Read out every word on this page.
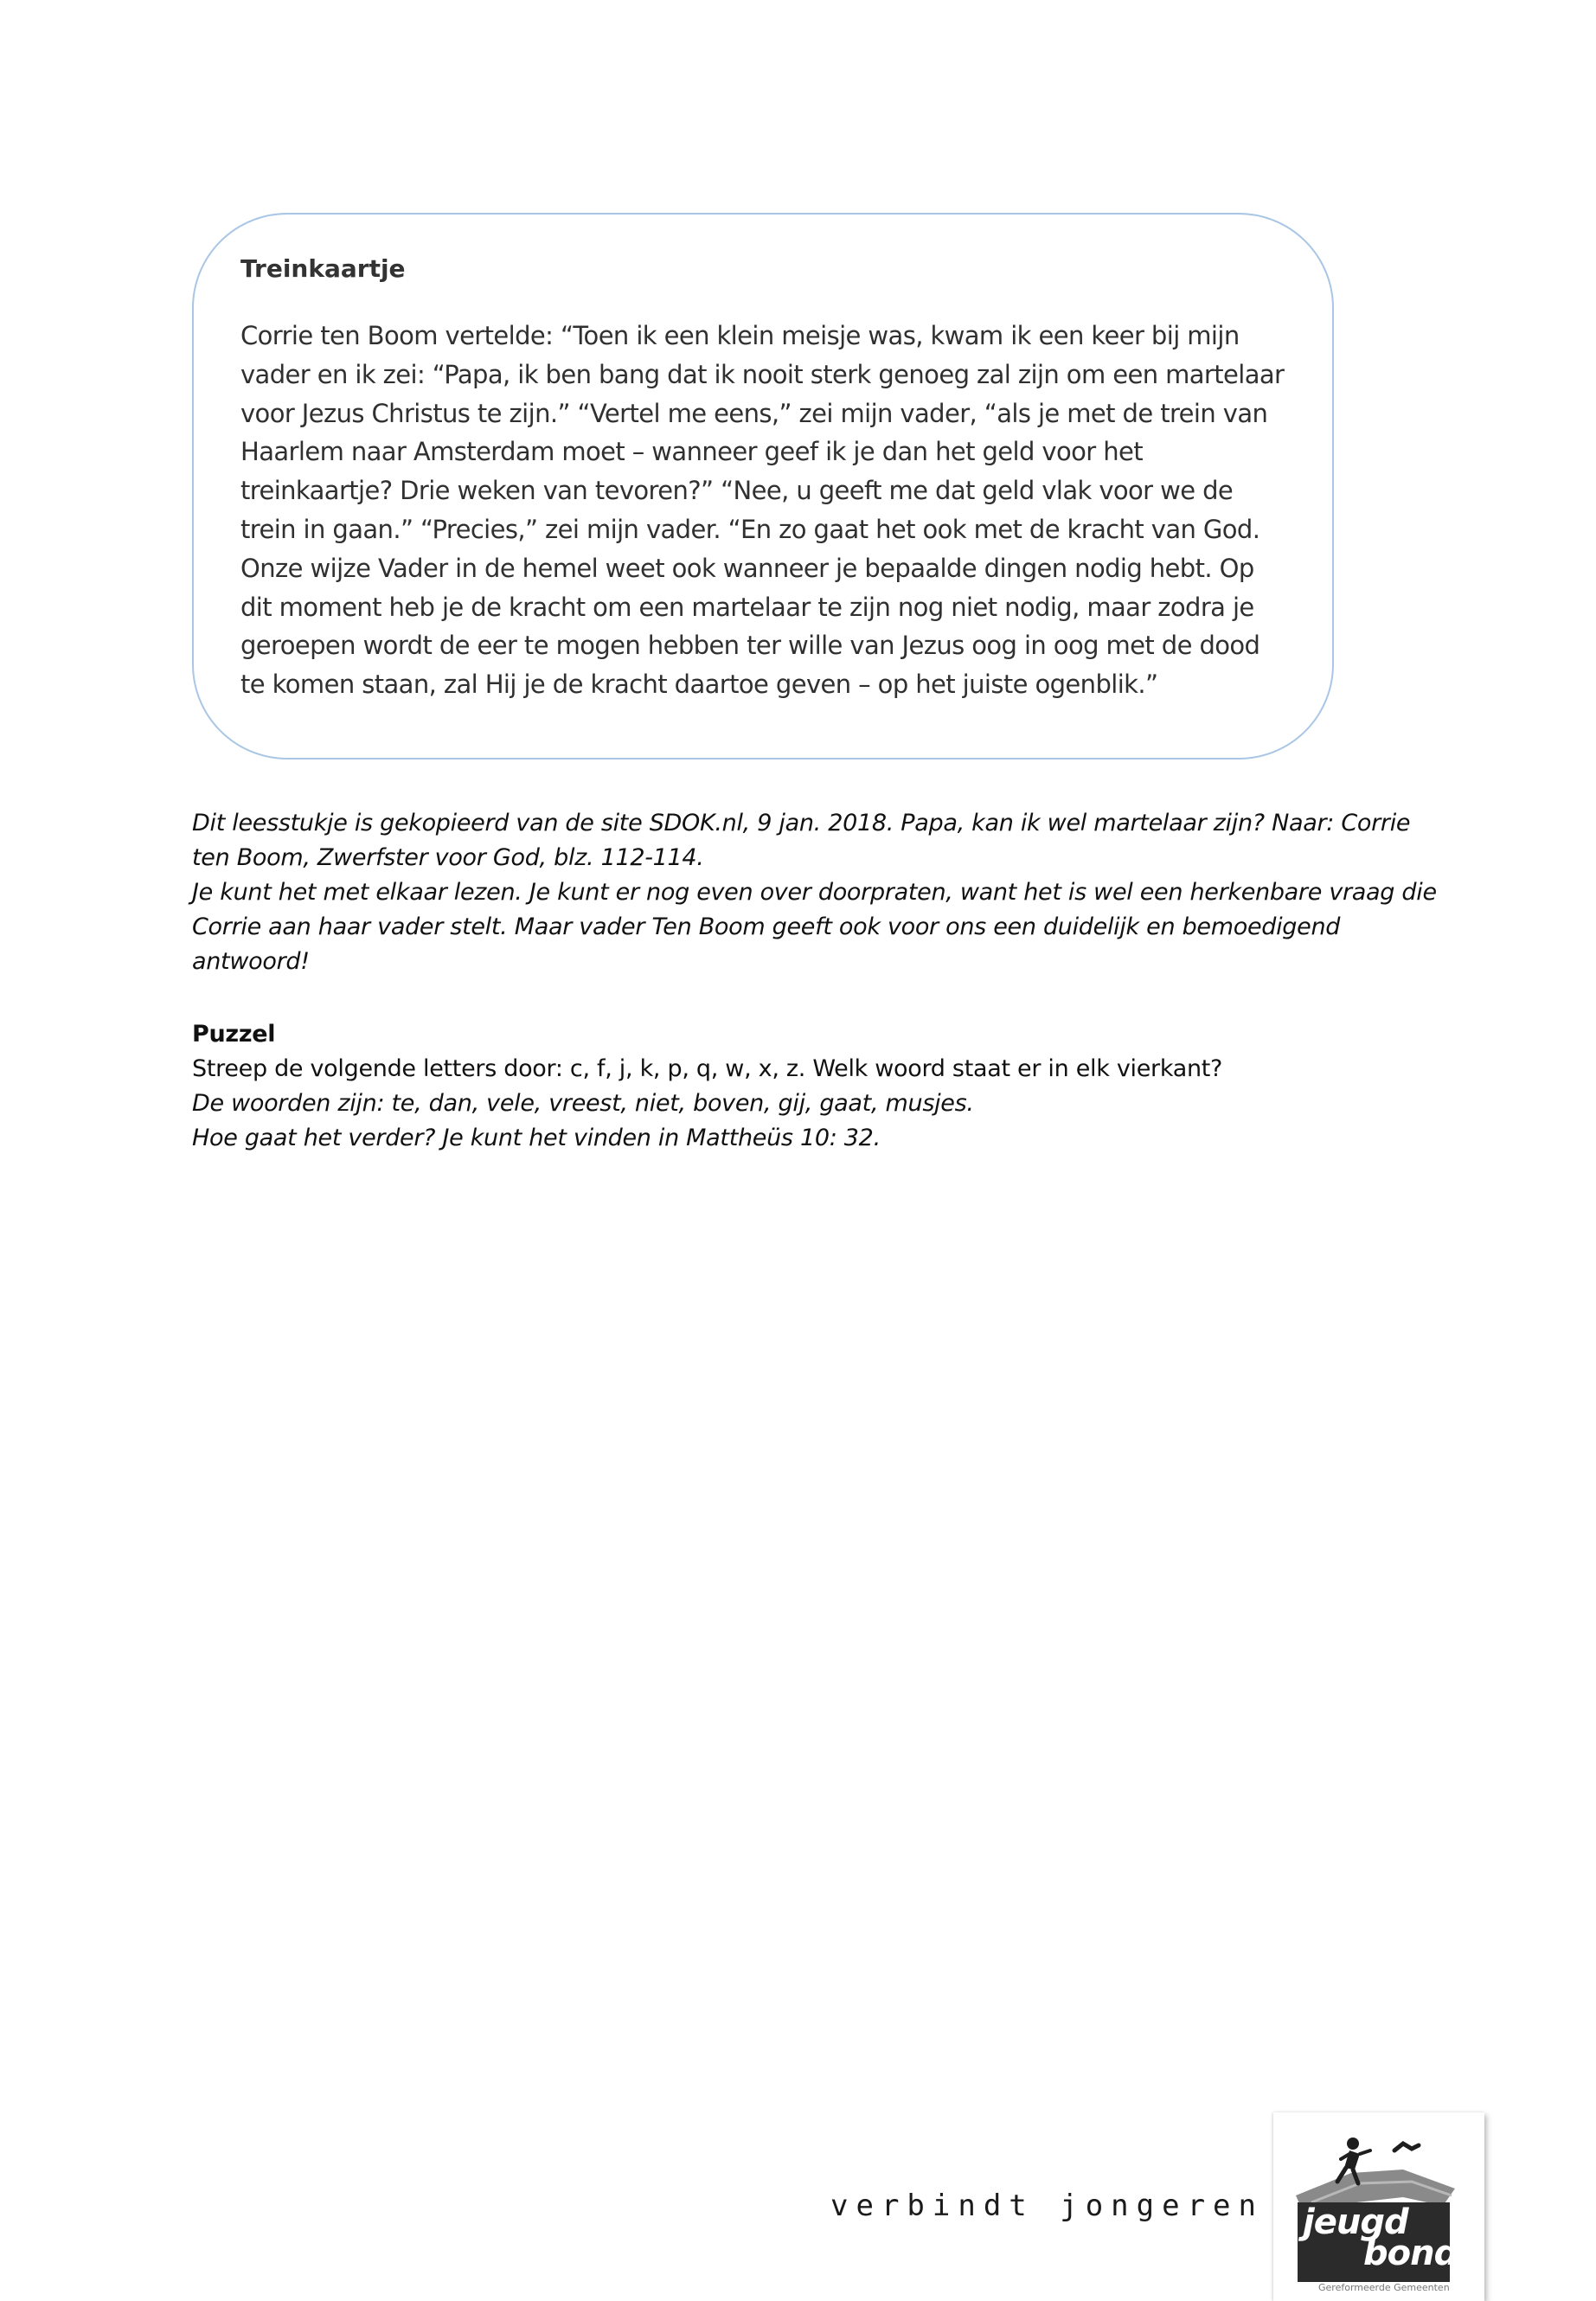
Treinkaartje
Corrie ten Boom vertelde: “Toen ik een klein meisje was, kwam ik een keer bij mijn
vader en ik zei: “Papa, ik ben bang dat ik nooit sterk genoeg zal zijn om een martelaar
voor Jezus Christus te zijn.” “Vertel me eens,” zei mijn vader, “als je met de trein van
Haarlem naar Amsterdam moet – wanneer geef ik je dan het geld voor het
treinkaartje? Drie weken van tevoren?” “Nee, u geeft me dat geld vlak voor we de
trein in gaan.” “Precies,” zei mijn vader. “En zo gaat het ook met de kracht van God.
Onze wijze Vader in de hemel weet ook wanneer je bepaalde dingen nodig hebt. Op
dit moment heb je de kracht om een martelaar te zijn nog niet nodig, maar zodra je
geroepen wordt de eer te mogen hebben ter wille van Jezus oog in oog met de dood
te komen staan, zal Hij je de kracht daartoe geven – op het juiste ogenblik.”
Dit leesstukje is gekopieerd van de site SDOK.nl, 9 jan. 2018. Papa, kan ik wel martelaar zijn? Naar: Corrie
ten Boom, Zwerfster voor God, blz. 112-114.
Je kunt het met elkaar lezen. Je kunt er nog even over doorpraten, want het is wel een herkenbare vraag die
Corrie aan haar vader stelt. Maar vader Ten Boom geeft ook voor ons een duidelijk en bemoedigend
antwoord!
Puzzel
Streep de volgende letters door: c, f, j, k, p, q, w, x, z. Welk woord staat er in elk vierkant?
De woorden zijn: te, dan, vele, vreest, niet, boven, gij, gaat, musjes.
Hoe gaat het verder? Je kunt het vinden in Mattheüs 10: 32.
verbindt jongeren jeugd
bond
Gereformeerde Gemeenten
